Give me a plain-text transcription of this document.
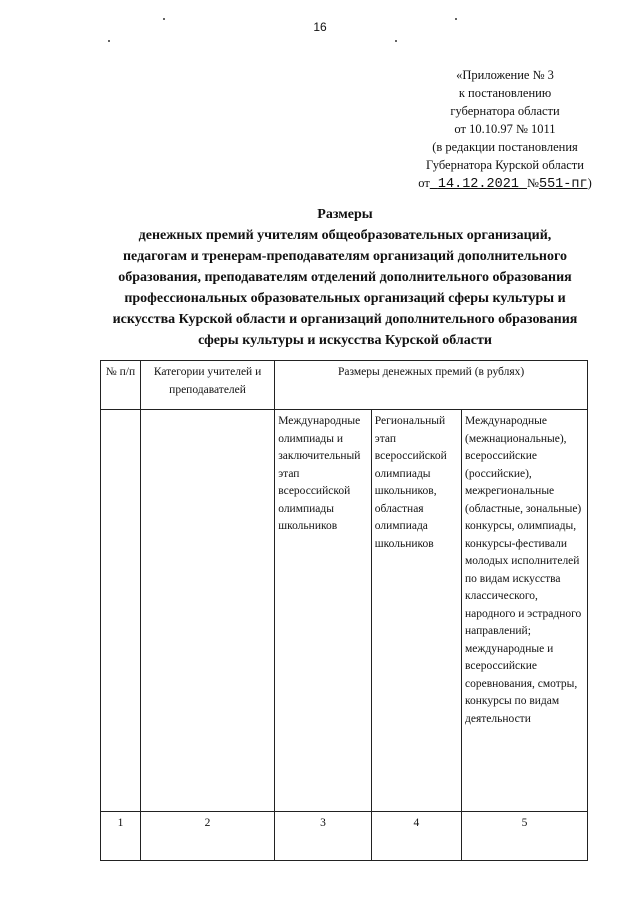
16
«Приложение № 3
к постановлению
губернатора области
от 10.10.97 № 1011
(в редакции постановления
Губернатора Курской области
от 14.12.2021 №551-пг)
Размеры
денежных премий учителям общеобразовательных организаций,
педагогам и тренерам-преподавателям организаций дополнительного
образования, преподавателям отделений дополнительного образования
профессиональных образовательных организаций сферы культуры и
искусства Курской области и организаций дополнительного образования
сферы культуры и искусства Курской области
№ п/п	Категории учителей и преподавателей	Размеры денежных премий (в рублях)		
		Международные олимпиады и заключительный этап всероссийской олимпиады школьников	Региональный этап всероссийской олимпиады школьников, областная олимпиада школьников	Международные (межнациональные), всероссийские (российские), межрегиональные (областные, зональные) конкурсы, олимпиады, конкурсы-фестивали молодых исполнителей по видам искусства классического, народного и эстрадного направлений; международные и всероссийские соревнования, смотры, конкурсы по видам деятельности
1	2	3	4	5
